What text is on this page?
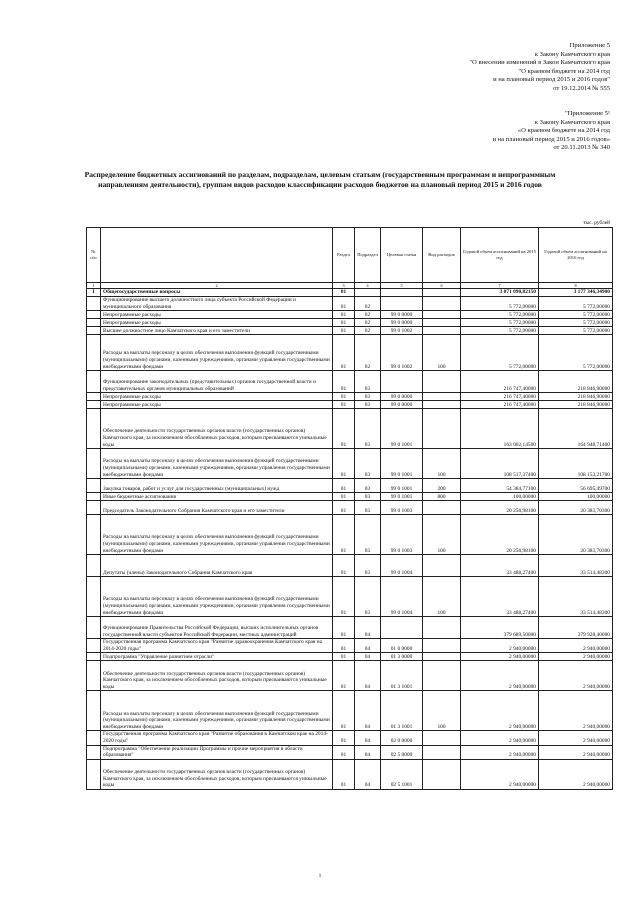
Приложение 5
к Закону Камчатского края
"О внесении изменений в Закон Камчатского края
"О краевом бюджете на 2014 год
и на плановый период 2015 и 2016 годов"
от 19.12.2014 № 555
"Приложение 5¹
к Закону Камчатского края
«О краевом бюджете на 2014 год
и на плановый период 2015 и 2016 годов»
от 20.11.2013 № 340
Распределение бюджетных ассигнований по разделам, подразделам, целевым статьям (государственным программам и непрограммным направлениям деятельности), группам видов расходов классификации расходов бюджетов на плановый период 2015 и 2016 годов
тыс. рублей
№ п/п		Раздел	Подраздел	Целевая статья	Вид расходов	Годовой объем ассигнований на 2015 год	Годовой объем ассигнований на 2016 год
1	2	3	4	5	6	7	8
I	Общегосударственные вопросы	01				3 071 090,82150	3 177 346,34900
	Функционирование высшего должностного лица субъекта Российской Федерации и муниципального образования	01	02			5 772,00000	5 772,00000
	Непрограммные расходы	01	02	99 0 0000		5 772,00000	5 772,00000
	Непрограммные расходы	01	02	99 0 0000		5 772,00000	5 772,00000
	Высшее должностное лицо Камчатского края и его заместители	01	02	99 0 1002		5 772,00000	5 772,00000
	Расходы на выплаты персоналу в целях обеспечения выполнения функций государственными (муниципальными) органами, казенными учреждениями, органами управления государственными внебюджетными фондами	01	02	99 0 1002	100	5 772,00000	5 772,00000
	Функционирование законодательных (представительных) органов государственной власти и представительных органов муниципальных образований	01	03			216 747,40000	218 846,90000
	Непрограммные расходы	01	03	99 0 0000		216 747,40000	218 846,90000
	Непрограммные расходы	01	03	99 0 0000		216 747,40000	218 846,90000
	Обеспечение деятельности государственных органов власти (государственных органов) Камчатского края, за исключением обособленных расходов, которым присваиваются уникальные коды	01	03	99 0 1001		163 002,14500	164 948,71400
	Расходы на выплаты персоналу в целях обеспечения выполнения функций государственными (муниципальными) органами, казенными учреждениями, органами управления государственными внебюджетными фондами	01	03	99 0 1001	100	108 517,37400	108 153,21700
	Закупка товаров, работ и услуг для государственных (муниципальных) нужд	01	03	99 0 1001	200	54 384,77100	56 695,49700
	Иные бюджетные ассигнования	01	03	99 0 1001	800	100,00000	100,00000
	Председатель Законодательного Собрания Камчатского края и его заместители	01	03	99 0 1003		20 256,98100	20 383,70300
	Расходы на выплаты персоналу в целях обеспечения выполнения функций государственными (муниципальными) органами, казенными учреждениями, органами управления государственными внебюджетными фондами	01	03	99 0 1003	100	20 256,98100	20 383,70300
	Депутаты (члены) Законодательного Собрания Камчатского края	01	03	99 0 1004		33 488,27400	33 514,48300
	Расходы на выплаты персоналу в целях обеспечения выполнения функций государственными (муниципальными) органами, казенными учреждениями, органами управления государственными внебюджетными фондами	01	03	99 0 1004	100	33 488,27400	33 514,48300
	Функционирование Правительства Российской Федерации, высших исполнительных органов государственной власти субъектов Российской Федерации, местных администраций	01	04			379 689,50000	379 928,40000
	Государственная программа Камчатского края "Развитие здравоохранения Камчатского края на 2014-2020 годы"	01	04	01 0 0000		2 940,00000	2 940,00000
	Подпрограмма "Управление развитием отрасли"	01	04	01 3 0000		2 940,00000	2 940,00000
	Обеспечение деятельности государственных органов власти (государственных органов) Камчатского края, за исключением обособленных расходов, которым присваиваются уникальные коды	01	04	01 3 1001		2 940,00000	2 940,00000
	Расходы на выплаты персоналу в целях обеспечения выполнения функций государственными (муниципальными) органами, казенными учреждениями, органами управления государственными внебюджетными фондами	01	04	01 3 1001	100	2 940,00000	2 940,00000
	Государственная программа Камчатского края "Развитие образования в Камчатском крае на 2014-2020 годы"	01	04	02 0 0000		2 940,00000	2 940,00000
	Подпрограмма "Обеспечение реализации Программы и прочие мероприятия в области образования"	01	04	02 5 0000		2 940,00000	2 940,00000
	Обеспечение деятельности государственных органов власти (государственных органов) Камчатского края, за исключением обособленных расходов, которым присваиваются уникальные коды	01	04	02 5 1001		2 940,00000	2 940,00000
1
